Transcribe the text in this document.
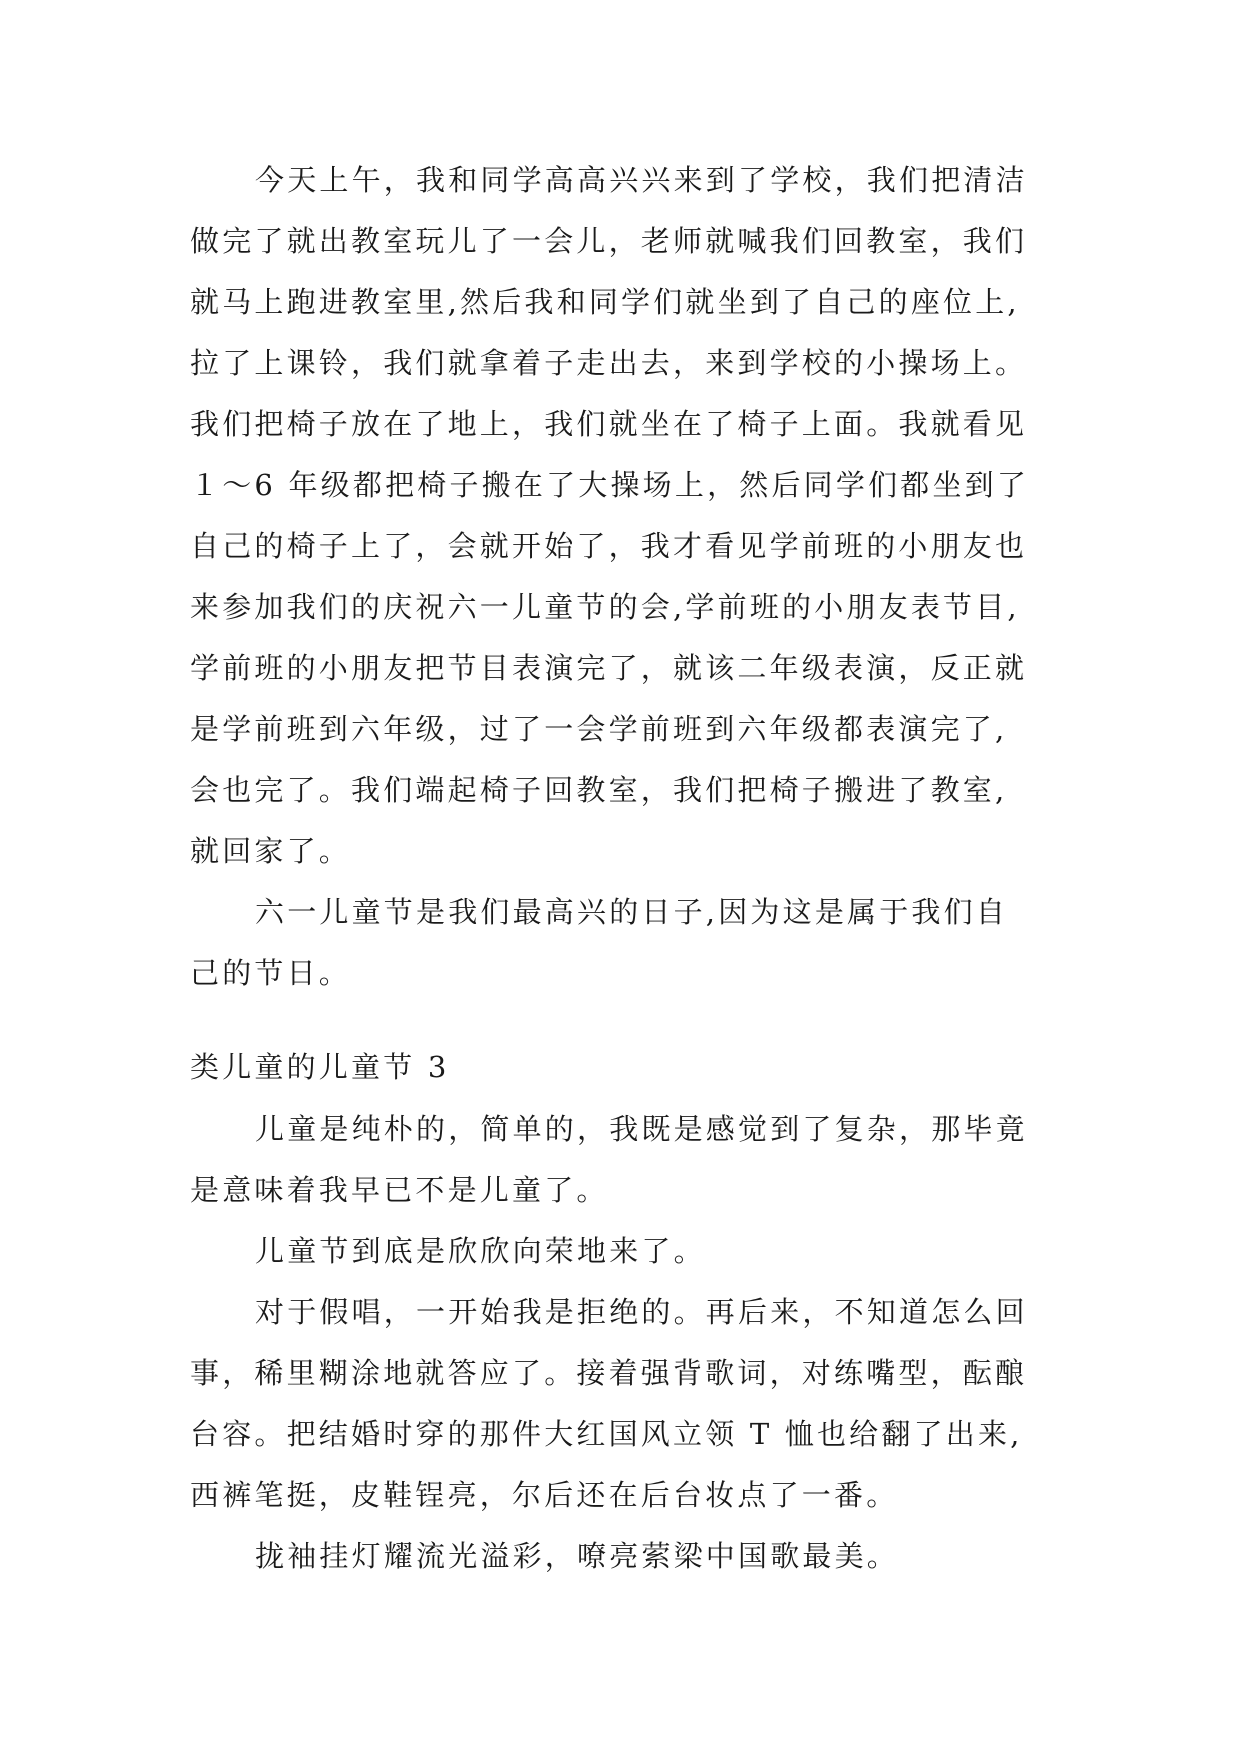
今天上午，我和同学高高兴兴来到了学校，我们把清洁
做完了就出教室玩儿了一会儿，老师就喊我们回教室，我们
就马上跑进教室里,然后我和同学们就坐到了自己的座位上,
拉了上课铃，我们就拿着子走出去，来到学校的小操场上。
我们把椅子放在了地上，我们就坐在了椅子上面。我就看见
１～6 年级都把椅子搬在了大操场上，然后同学们都坐到了
自己的椅子上了，会就开始了，我才看见学前班的小朋友也
来参加我们的庆祝六一儿童节的会,学前班的小朋友表节目,
学前班的小朋友把节目表演完了，就该二年级表演，反正就
是学前班到六年级，过了一会学前班到六年级都表演完了,
会也完了。我们端起椅子回教室，我们把椅子搬进了教室,
就回家了。
六一儿童节是我们最高兴的日子,因为这是属于我们自
己的节日。
类儿童的儿童节 3
儿童是纯朴的，简单的，我既是感觉到了复杂，那毕竟
是意味着我早已不是儿童了。
儿童节到底是欣欣向荣地来了。
对于假唱，一开始我是拒绝的。再后来，不知道怎么回
事，稀里糊涂地就答应了。接着强背歌词，对练嘴型，酝酿
台容。把结婚时穿的那件大红国风立领 T 恤也给翻了出来,
西裤笔挺，皮鞋锃亮，尔后还在后台妆点了一番。
拢袖挂灯耀流光溢彩，嘹亮萦梁中国歌最美。
